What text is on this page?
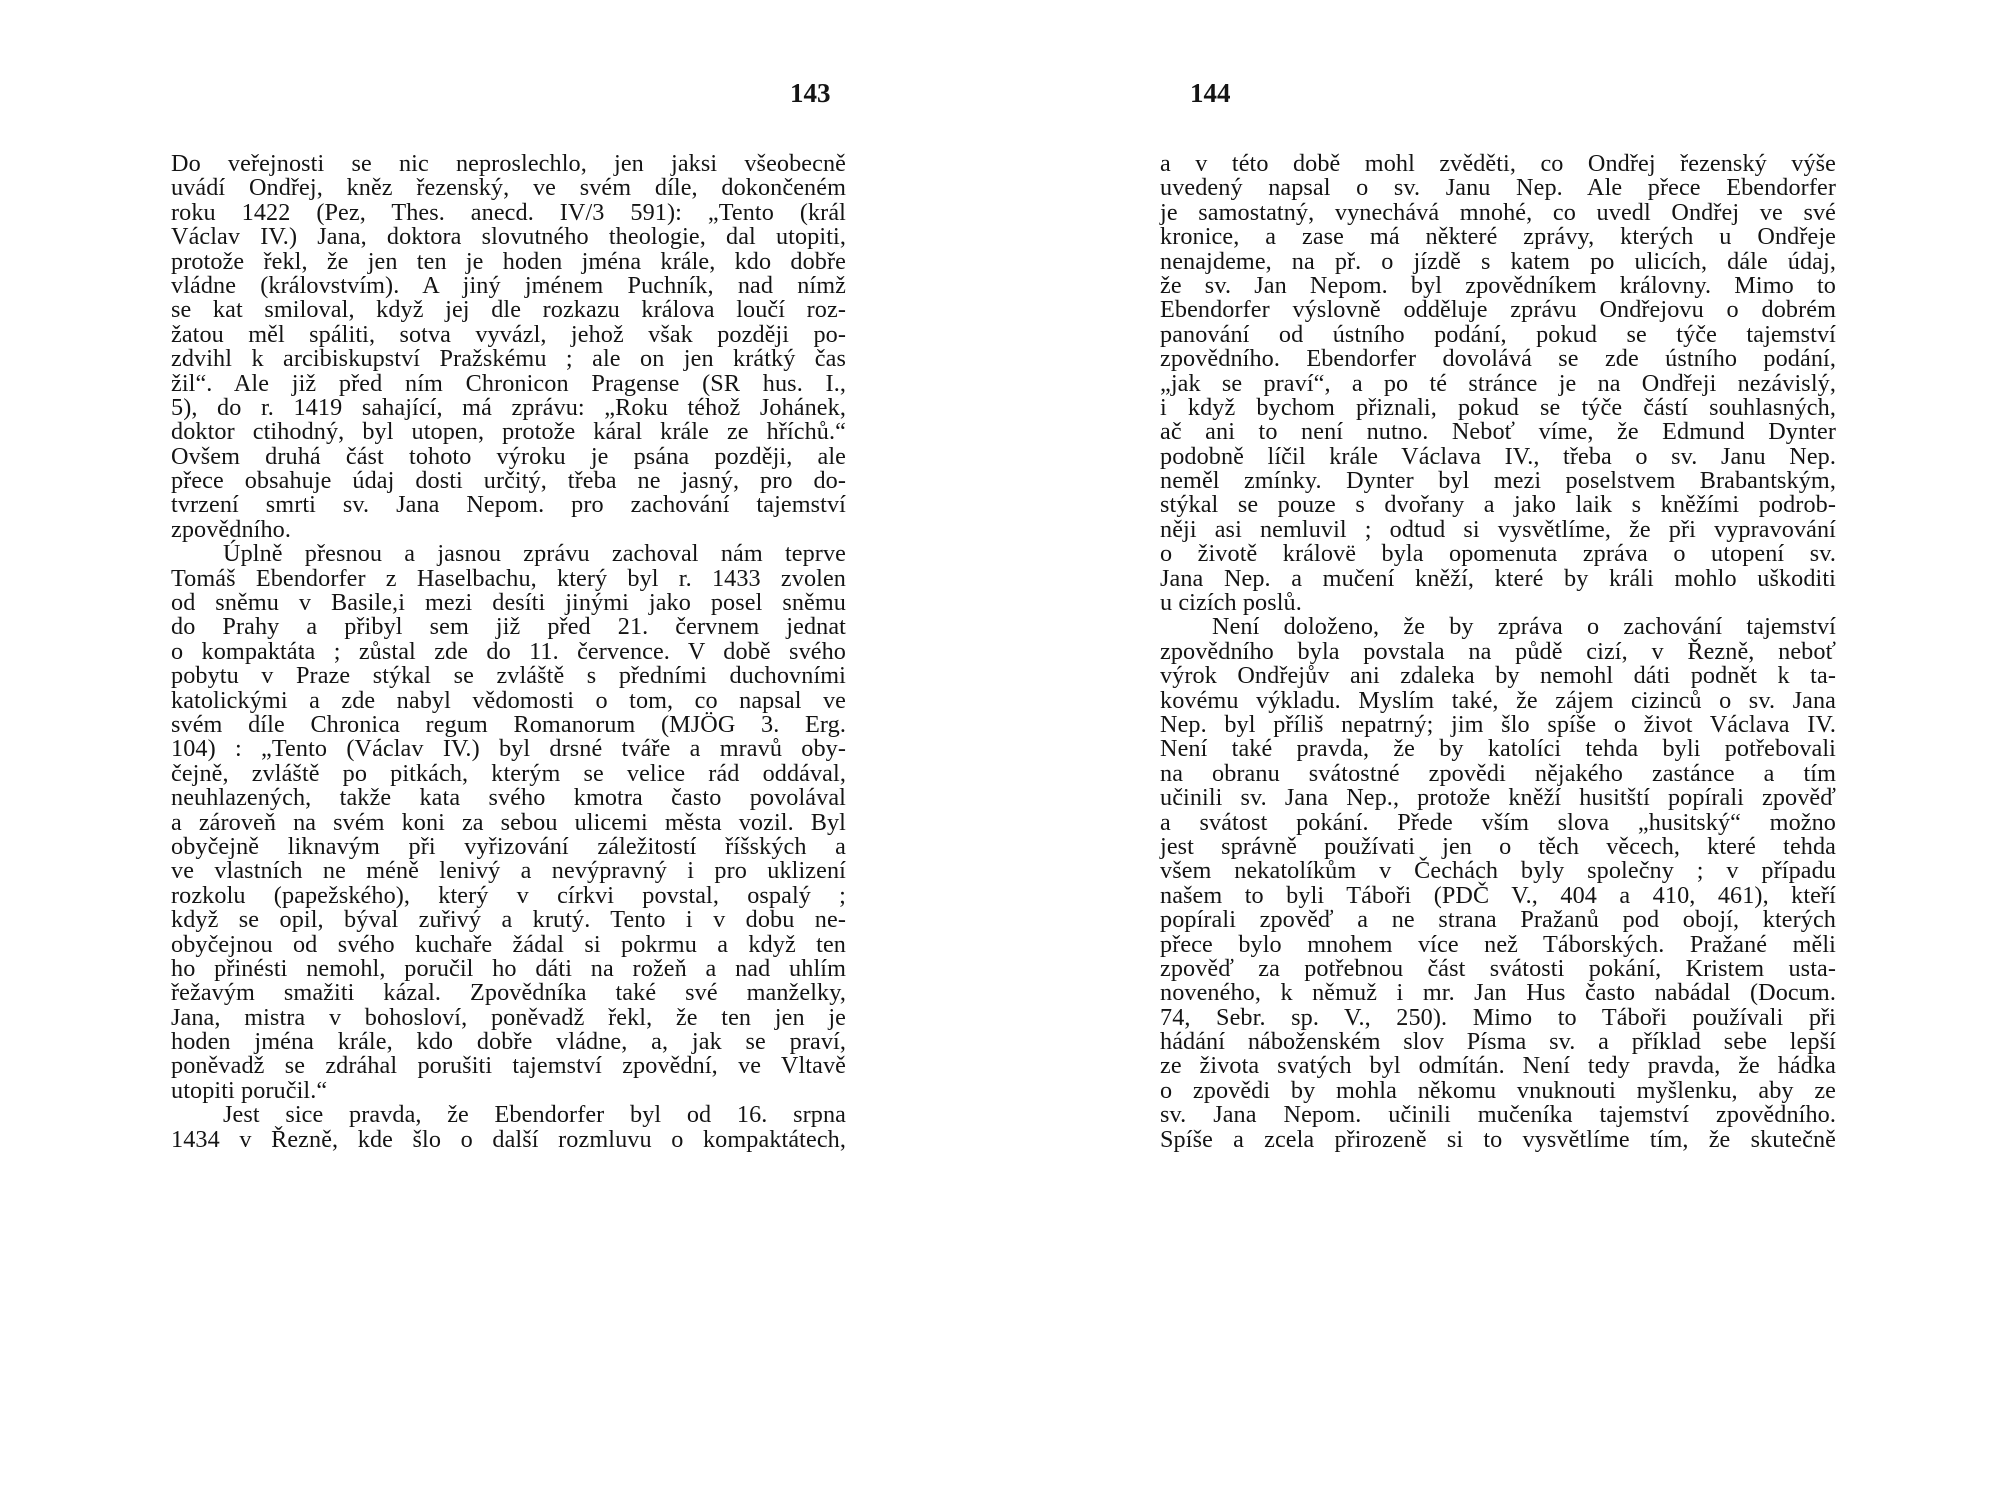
143
Do veřejnosti se nic neproslechlo, jen jaksi všeobecně
uvádí Ondřej, kněz řezenský, ve svém díle, dokončeném
roku 1422 (Pez, Thes. anecd. IV/3 591): „Tento (král
Václav IV.) Jana, doktora slovutného theologie, dal utopiti,
protože řekl, že jen ten je hoden jména krále, kdo dobře
vládne (královstvím). A jiný jménem Puchník, nad nímž
se kat smiloval, když jej dle rozkazu králova loučí roz-
žatou měl spáliti, sotva vyvázl, jehož však později po-
zdvihl k arcibiskupství Pražskému ; ale on jen krátký čas
žil“. Ale již před ním Chronicon Pragense (SR hus. I.,
5), do r. 1419 sahající, má zprávu: „Roku téhož Johánek,
doktor ctihodný, byl utopen, protože káral krále ze hříchů.“
Ovšem druhá část tohoto výroku je psána později, ale
přece obsahuje údaj dosti určitý, třeba ne jasný, pro do-
tvrzení smrti sv. Jana Nepom. pro zachování tajemství
zpovědního.
Úplně přesnou a jasnou zprávu zachoval nám teprve
Tomáš Ebendorfer z Haselbachu, který byl r. 1433 zvolen
od sněmu v Basile,i mezi desíti jinými jako posel sněmu
do Prahy a přibyl sem již před 21. červnem jednat
o kompaktáta ; zůstal zde do 11. července. V době svého
pobytu v Praze stýkal se zvláště s předními duchovními
katolickými a zde nabyl vědomosti o tom, co napsal ve
svém díle Chronica regum Romanorum (MJÖG 3. Erg.
104) : „Tento (Václav IV.) byl drsné tváře a mravů oby-
čejně, zvláště po pitkách, kterým se velice rád oddával,
neuhlazených, takže kata svého kmotra často povolával
a zároveň na svém koni za sebou ulicemi města vozil. Byl
obyčejně liknavým při vyřizování záležitostí říšských a
ve vlastních ne méně lenivý a nevýpravný i pro uklizení
rozkolu (papežského), který v církvi povstal, ospalý ;
když se opil, býval zuřivý a krutý. Tento i v dobu ne-
obyčejnou od svého kuchaře žádal si pokrmu a když ten
ho přinésti nemohl, poručil ho dáti na rožeň a nad uhlím
řežavým smažiti kázal. Zpovědníka také své manželky,
Jana, mistra v bohosloví, poněvadž řekl, že ten jen je
hoden jména krále, kdo dobře vládne, a, jak se praví,
poněvadž se zdráhal porušiti tajemství zpovědní, ve Vltavě
utopiti poručil.“
Jest sice pravda, že Ebendorfer byl od 16. srpna
1434 v Řezně, kde šlo o další rozmluvu o kompaktátech,
144
a v této době mohl zvěděti, co Ondřej řezenský výše
uvedený napsal o sv. Janu Nep. Ale přece Ebendorfer
je samostatný, vynechává mnohé, co uvedl Ondřej ve své
kronice, a zase má některé zprávy, kterých u Ondřeje
nenajdeme, na př. o jízdě s katem po ulicích, dále údaj,
že sv. Jan Nepom. byl zpovědníkem královny. Mimo to
Ebendorfer výslovně odděluje zprávu Ondřejovu o dobrém
panování od ústního podání, pokud se týče tajemství
zpovědního. Ebendorfer dovolává se zde ústního podání,
„jak se praví“, a po té stránce je na Ondřeji nezávislý,
i když bychom přiznali, pokud se týče částí souhlasných,
ač ani to není nutno. Neboť víme, že Edmund Dynter
podobně líčil krále Václava IV., třeba o sv. Janu Nep.
neměl zmínky. Dynter byl mezi poselstvem Brabantským,
stýkal se pouze s dvořany a jako laik s kněžími podrob-
něji asi nemluvil ; odtud si vysvětlíme, že při vypravování
o životě královë byla opomenuta zpráva o utopení sv.
Jana Nep. a mučení kněží, které by králi mohlo uškoditi
u cizích poslů.
Není doloženo, že by zpráva o zachování tajemství
zpovědního byla povstala na půdě cizí, v Řezně, neboť
výrok Ondřejův ani zdaleka by nemohl dáti podnět k ta-
kovému výkladu. Myslím také, že zájem cizinců o sv. Jana
Nep. byl příliš nepatrný; jim šlo spíše o život Václava IV.
Není také pravda, že by katolíci tehda byli potřebovali
na obranu svátostné zpovědi nějakého zastánce a tím
učinili sv. Jana Nep., protože kněží husitští popírali zpověď
a svátost pokání. Přede vším slova „husitský“ možno
jest správně používati jen o těch věcech, které tehda
všem nekatolíkům v Čechách byly společny ; v případu
našem to byli Táboři (PDČ V., 404 a 410, 461), kteří
popírali zpověď a ne strana Pražanů pod obojí, kterých
přece bylo mnohem více než Táborských. Pražané měli
zpověď za potřebnou část svátosti pokání, Kristem usta-
noveného, k němuž i mr. Jan Hus často nabádal (Docum.
74, Sebr. sp. V., 250). Mimo to Táboři používali při
hádání náboženském slov Písma sv. a příklad sebe lepší
ze života svatých byl odmítán. Není tedy pravda, že hádka
o zpovědi by mohla někomu vnuknouti myšlenku, aby ze
sv. Jana Nepom. učinili mučeníka tajemství zpovědního.
Spíše a zcela přirozeně si to vysvětlíme tím, že skutečně
